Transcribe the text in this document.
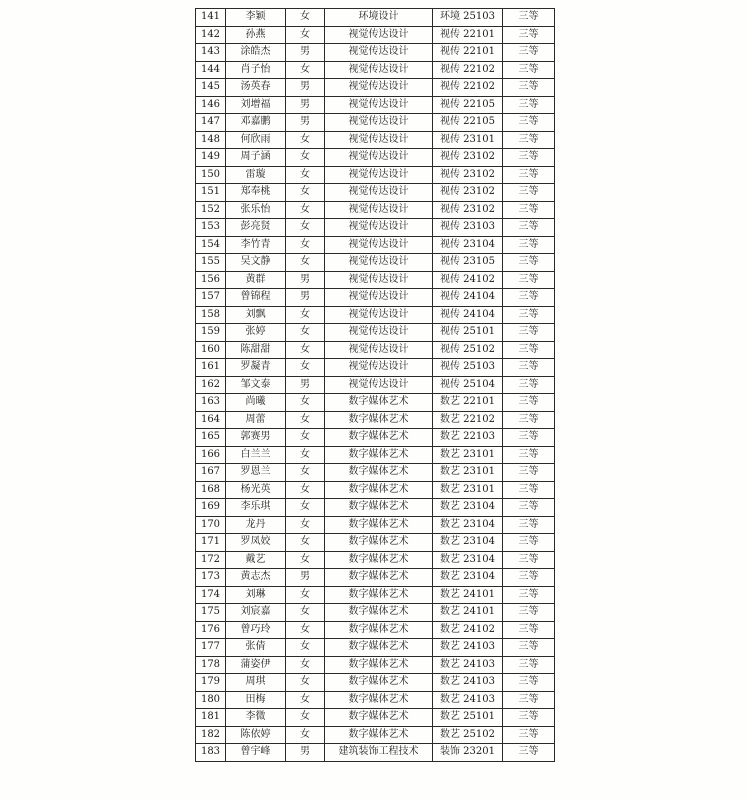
141	李颖	女	环境设计	环境 25103	三等
142	孙燕	女	视觉传达设计	视传 22101	三等
143	涂皓杰	男	视觉传达设计	视传 22101	三等
144	肖子怡	女	视觉传达设计	视传 22102	三等
145	汤英春	男	视觉传达设计	视传 22102	三等
146	刘增福	男	视觉传达设计	视传 22105	三等
147	邓嘉鹏	男	视觉传达设计	视传 22105	三等
148	何欣雨	女	视觉传达设计	视传 23101	三等
149	周子涵	女	视觉传达设计	视传 23102	三等
150	雷璇	女	视觉传达设计	视传 23102	三等
151	郑奉桃	女	视觉传达设计	视传 23102	三等
152	张乐怡	女	视觉传达设计	视传 23102	三等
153	彭亮贤	女	视觉传达设计	视传 23103	三等
154	李竹青	女	视觉传达设计	视传 23104	三等
155	吴文静	女	视觉传达设计	视传 23105	三等
156	黄群	男	视觉传达设计	视传 24102	三等
157	曾锦程	男	视觉传达设计	视传 24104	三等
158	刘飘	女	视觉传达设计	视传 24104	三等
159	张婷	女	视觉传达设计	视传 25101	三等
160	陈甜甜	女	视觉传达设计	视传 25102	三等
161	罗凝青	女	视觉传达设计	视传 25103	三等
162	邹文泰	男	视觉传达设计	视传 25104	三等
163	尚曦	女	数字媒体艺术	数艺 22101	三等
164	周蕾	女	数字媒体艺术	数艺 22102	三等
165	郭赛男	女	数字媒体艺术	数艺 22103	三等
166	白兰兰	女	数字媒体艺术	数艺 23101	三等
167	罗恩兰	女	数字媒体艺术	数艺 23101	三等
168	杨光英	女	数字媒体艺术	数艺 23101	三等
169	李乐琪	女	数字媒体艺术	数艺 23104	三等
170	龙丹	女	数字媒体艺术	数艺 23104	三等
171	罗凤姣	女	数字媒体艺术	数艺 23104	三等
172	戴艺	女	数字媒体艺术	数艺 23104	三等
173	黄志杰	男	数字媒体艺术	数艺 23104	三等
174	刘琳	女	数字媒体艺术	数艺 24101	三等
175	刘宸嘉	女	数字媒体艺术	数艺 24101	三等
176	曾巧玲	女	数字媒体艺术	数艺 24102	三等
177	张倩	女	数字媒体艺术	数艺 24103	三等
178	蒲姿伊	女	数字媒体艺术	数艺 24103	三等
179	周琪	女	数字媒体艺术	数艺 24103	三等
180	田梅	女	数字媒体艺术	数艺 24103	三等
181	李微	女	数字媒体艺术	数艺 25101	三等
182	陈依婷	女	数字媒体艺术	数艺 25102	三等
183	曾宇峰	男	建筑装饰工程技术	装饰 23201	三等
